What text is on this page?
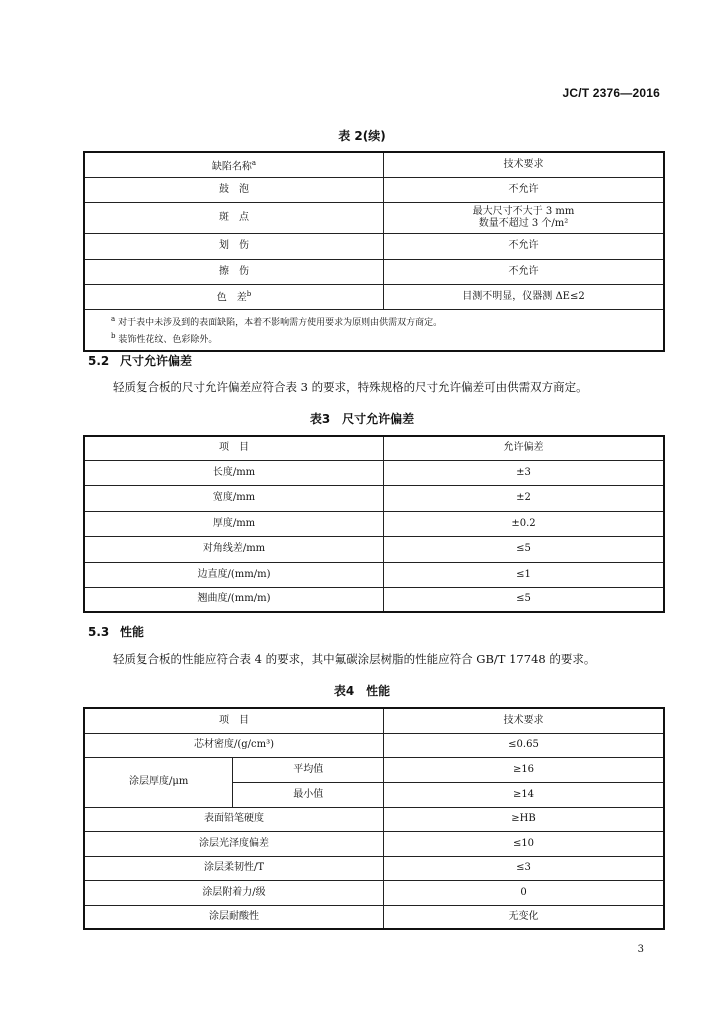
JC/T 2376—2016
表 2(续)
缺陷名称$^a$	技术要求
鼓　泡	不允许
斑　点	最大尺寸不大于 3 mm
数量不超过 3 个/m²

划　伤	不允许
擦　伤	不允许
色　差$^b$	目测不明显，仪器测 ΔE≤2

$^a$ 对于表中未涉及到的表面缺陷，本着不影响需方使用要求为原则由供需双方商定。
$^b$ 装饰性花纹、色彩除外。	
5.2 尺寸允许偏差
轻质复合板的尺寸允许偏差应符合表 3 的要求，特殊规格的尺寸允许偏差可由供需双方商定。
表3　尺寸允许偏差
项　目	允许偏差
长度/mm	±3
宽度/mm	±2
厚度/mm	±0.2
对角线差/mm	≤5
边直度/(mm/m)	≤1
翘曲度/(mm/m)	≤5
5.3 性能
轻质复合板的性能应符合表 4 的要求，其中氟碳涂层树脂的性能应符合 GB/T 17748 的要求。
表4　性能
项　目		技术要求
芯材密度/(g/cm³)		≤0.65
涂层厚度/μm	平均值	≥16
	最小值	≥14
表面铅笔硬度		≥HB
涂层光泽度偏差		≤10
涂层柔韧性/T		≤3
涂层附着力/级		0
涂层耐酸性		无变化
3
